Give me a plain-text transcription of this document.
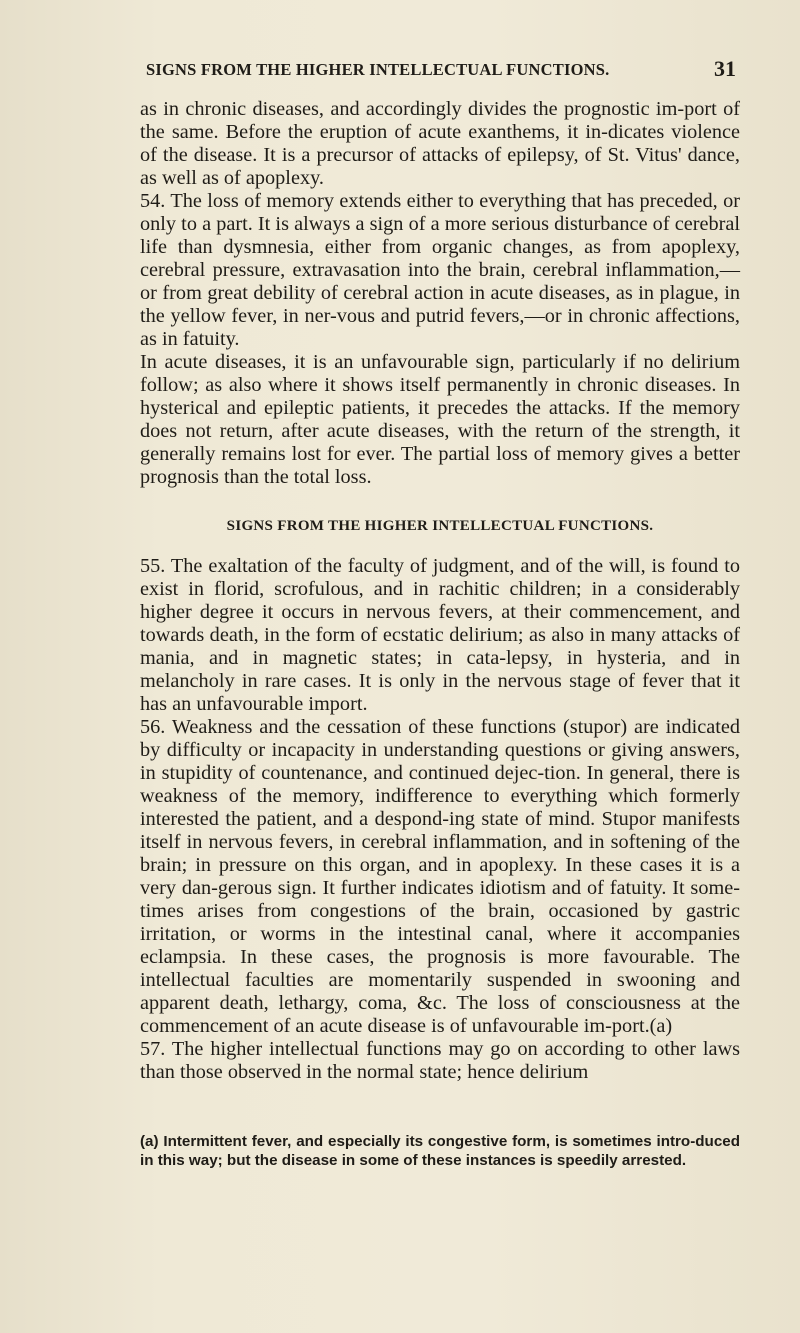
SIGNS FROM THE HIGHER INTELLECTUAL FUNCTIONS.	31

as in chronic diseases, and accordingly divides the prognostic im-port of the same. Before the eruption of acute exanthems, it in-dicates violence of the disease. It is a precursor of attacks of epilepsy, of St. Vitus' dance, as well as of apoplexy.

54. The loss of memory extends either to everything that has preceded, or only to a part. It is always a sign of a more serious disturbance of cerebral life than dysmnesia, either from organic changes, as from apoplexy, cerebral pressure, extravasation into the brain, cerebral inflammation,—or from great debility of cerebral action in acute diseases, as in plague, in the yellow fever, in ner-vous and putrid fevers,—or in chronic affections, as in fatuity.

In acute diseases, it is an unfavourable sign, particularly if no delirium follow; as also where it shows itself permanently in chronic diseases. In hysterical and epileptic patients, it precedes the attacks. If the memory does not return, after acute diseases, with the return of the strength, it generally remains lost for ever. The partial loss of memory gives a better prognosis than the total loss.

SIGNS FROM THE HIGHER INTELLECTUAL FUNCTIONS.

55. The exaltation of the faculty of judgment, and of the will, is found to exist in florid, scrofulous, and in rachitic children; in a considerably higher degree it occurs in nervous fevers, at their commencement, and towards death, in the form of ecstatic delirium; as also in many attacks of mania, and in magnetic states; in cata-lepsy, in hysteria, and in melancholy in rare cases. It is only in the nervous stage of fever that it has an unfavourable import.

56. Weakness and the cessation of these functions (stupor) are indicated by difficulty or incapacity in understanding questions or giving answers, in stupidity of countenance, and continued dejec-tion. In general, there is weakness of the memory, indifference to everything which formerly interested the patient, and a despond-ing state of mind. Stupor manifests itself in nervous fevers, in cerebral inflammation, and in softening of the brain; in pressure on this organ, and in apoplexy. In these cases it is a very dan-gerous sign. It further indicates idiotism and of fatuity. It some-times arises from congestions of the brain, occasioned by gastric irritation, or worms in the intestinal canal, where it accompanies eclampsia. In these cases, the prognosis is more favourable. The intellectual faculties are momentarily suspended in swooning and apparent death, lethargy, coma, &c. The loss of consciousness at the commencement of an acute disease is of unfavourable im-port.(a)

57. The higher intellectual functions may go on according to other laws than those observed in the normal state; hence delirium

(a) Intermittent fever, and especially its congestive form, is sometimes intro-duced in this way; but the disease in some of these instances is speedily arrested.
